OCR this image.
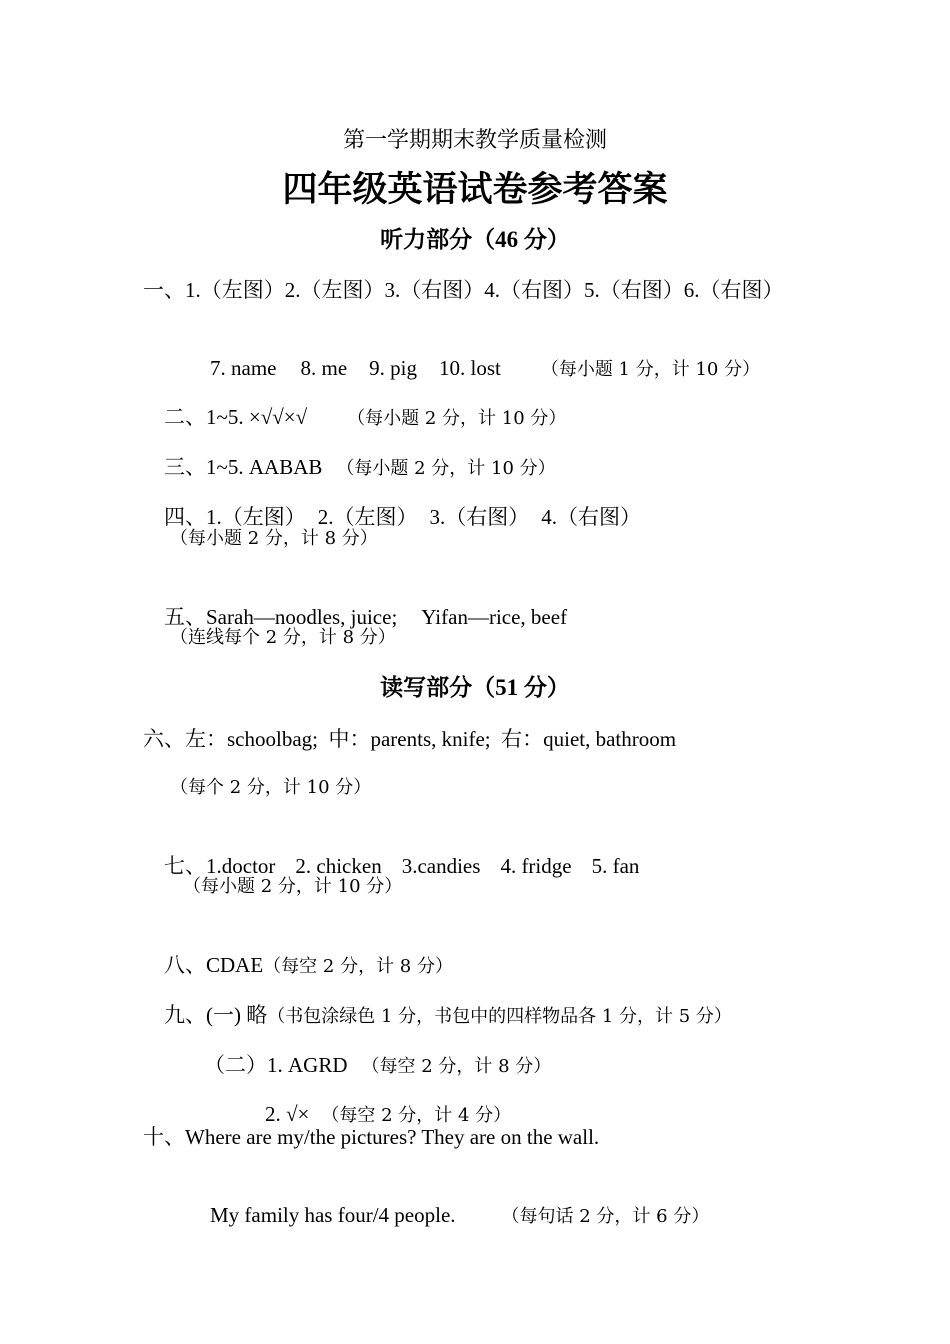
第一学期期末教学质量检测
四年级英语试卷参考答案
听力部分（46 分）
一、1.（左图）2.（左图）3.（右图）4.（右图）5.（右图）6.（右图）

7. name 8. me 9. pig 10. lost （每小题 1 分，计 10 分）

二、1~5. ×√√×√ （每小题 2 分，计 10 分）

三、1~5. AABAB （每小题 2 分，计 10 分）

四、1.（左图） 2.（左图） 3.（右图） 4.（右图）

（每小题 2 分，计 8 分）

五、Sarah—noodles, juice; Yifan—rice, beef

（连线每个 2 分，计 8 分）
读写部分（51 分）
六、左：schoolbag;  中：parents, knife;  右：quiet, bathroom
（每个 2 分，计 10 分）

七、1.doctor 2. chicken 3.candies 4. fridge 5. fan

（每小题 2 分，计 10 分）

八、CDAE（每空 2 分，计 8 分）

九、(一) 略（书包涂绿色 1 分，书包中的四样物品各 1 分，计 5 分）

（二）1. AGRD （每空 2 分，计 8 分）

2. √× （每空 2 分，计 4 分）

十、Where are my/the pictures? They are on the wall.

My family has four/4 people.	（每句话 2 分，计 6 分）
